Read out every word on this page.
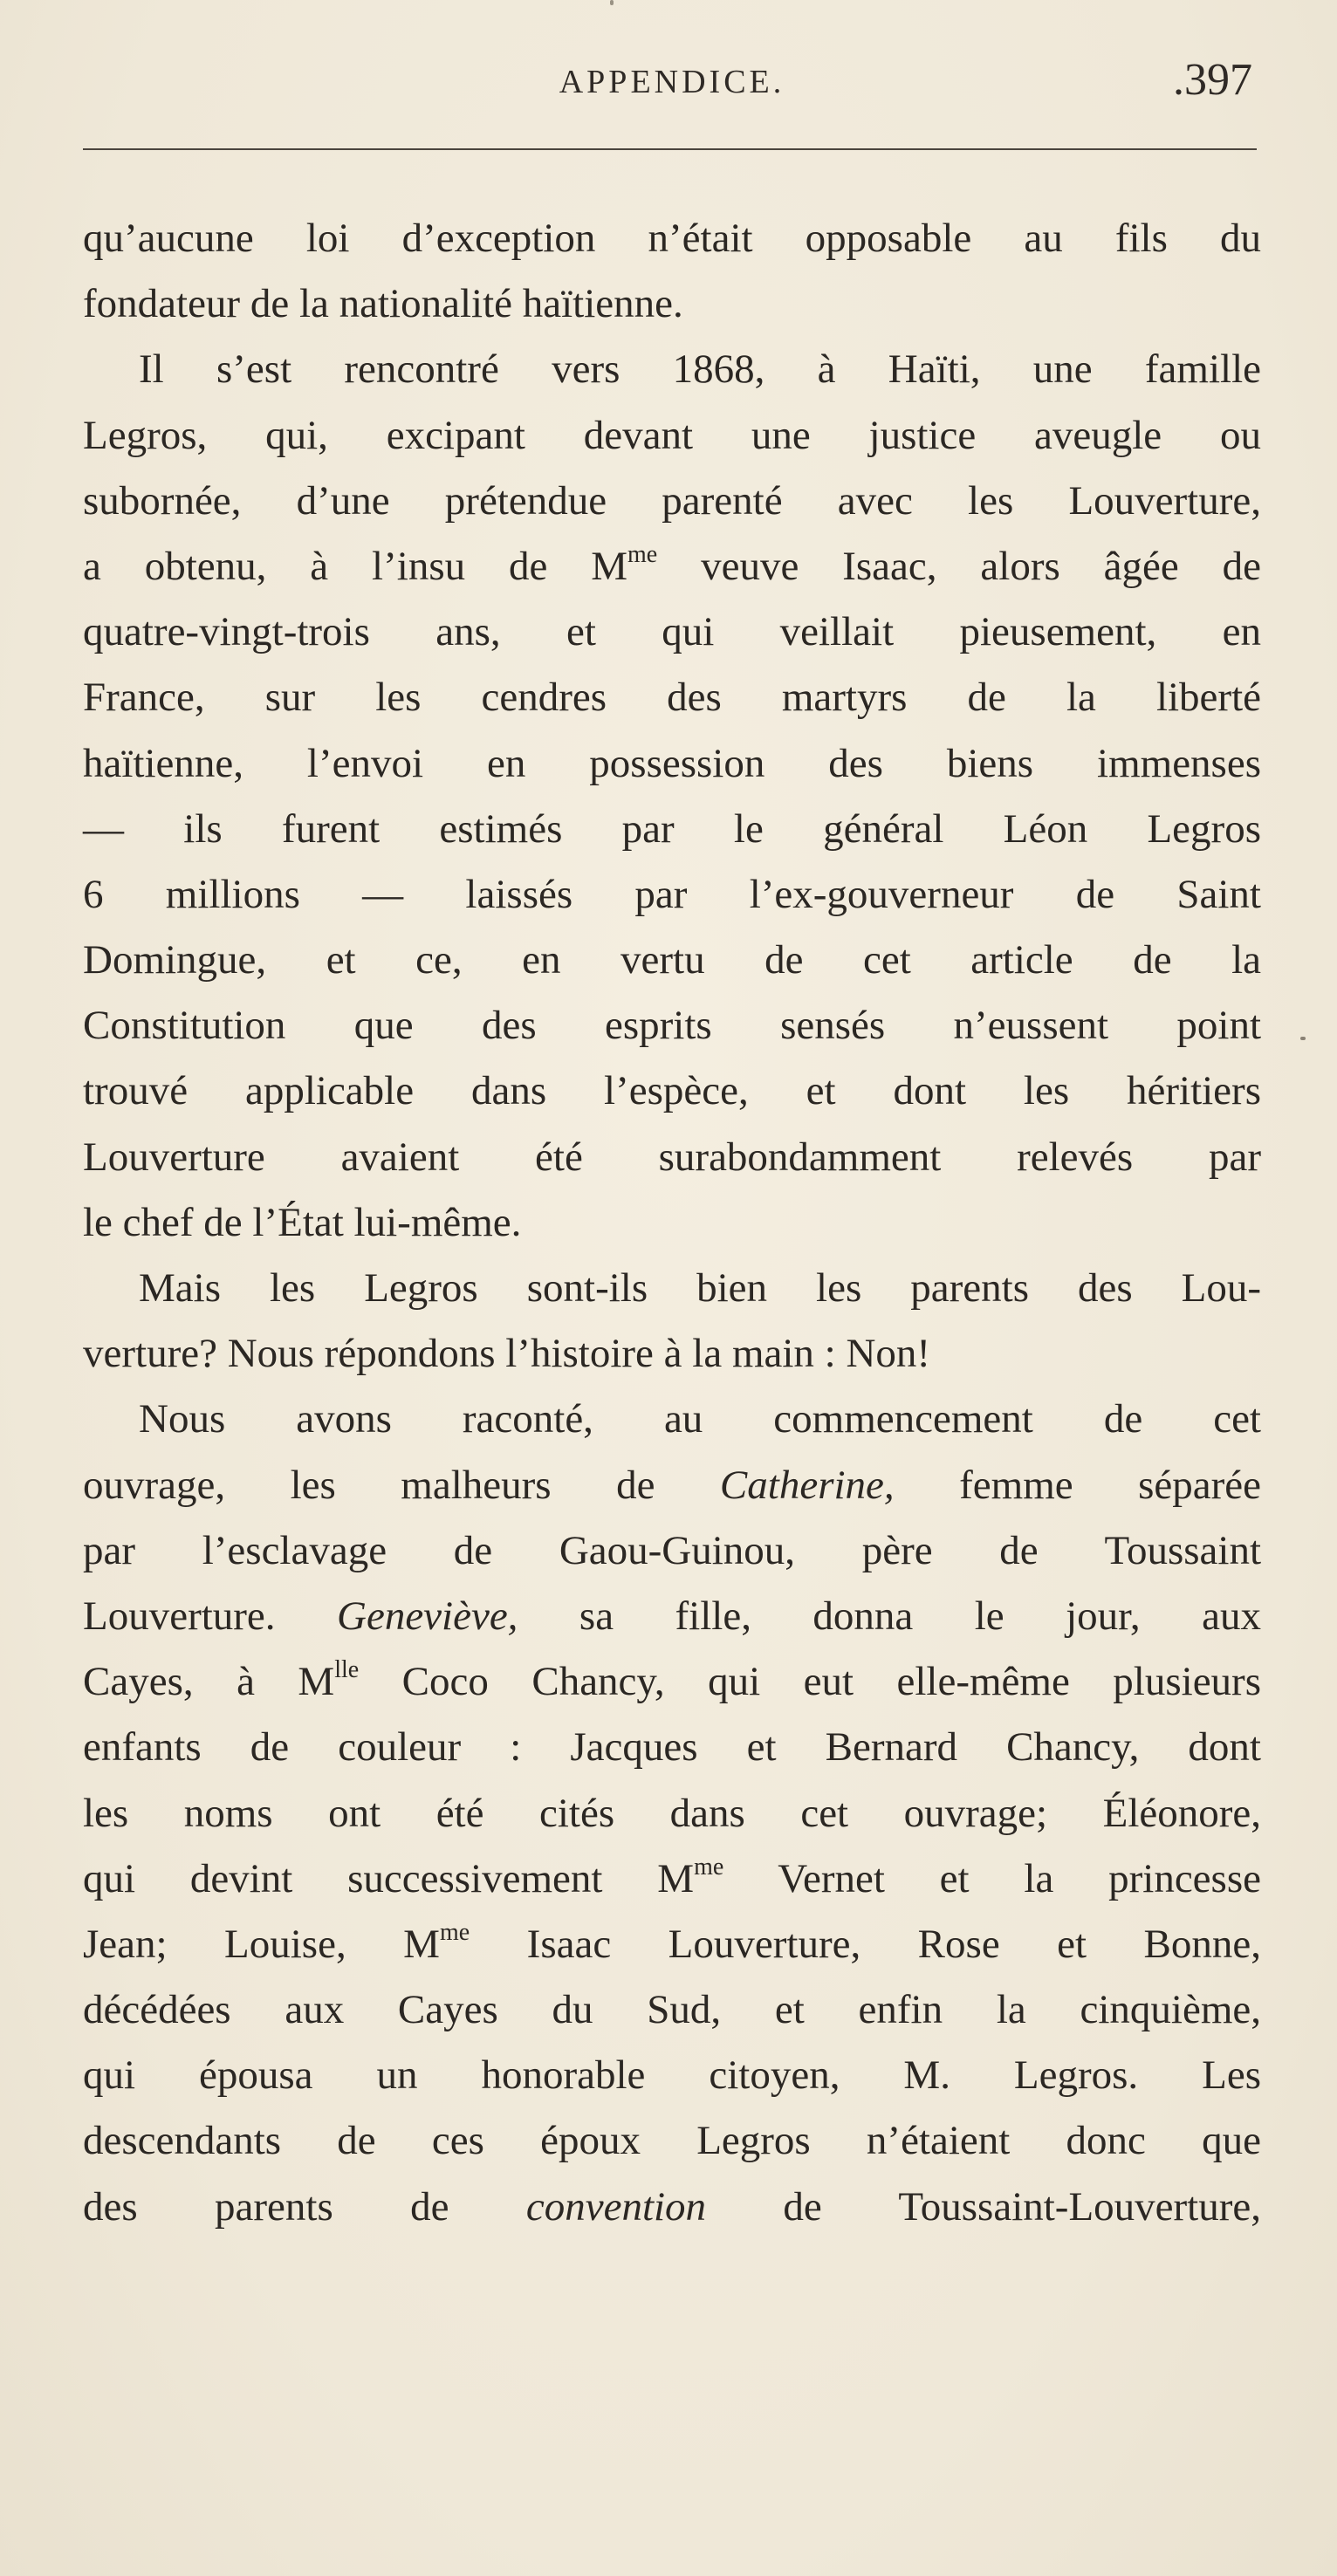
APPENDICE.	.397
qu’aucune loi d’exception n’était opposable au fils du
fondateur de la nationalité haïtienne.
Il s’est rencontré vers 1868, à Haïti, une famille
Legros, qui, excipant devant une justice aveugle ou
subornée, d’une prétendue parenté avec les Louverture,
a obtenu, à l’insu de $M^{me}$ veuve Isaac, alors âgée de
quatre-vingt-trois ans, et qui veillait pieusement, en
France, sur les cendres des martyrs de la liberté
haïtienne, l’envoi en possession des biens immenses
— ils furent estimés par le général Léon Legros
6 millions — laissés par l’ex-gouverneur de Saint
Domingue, et ce, en vertu de cet article de la
Constitution que des esprits sensés n’eussent point
trouvé applicable dans l’espèce, et dont les héritiers
Louverture avaient été surabondamment relevés par
le chef de l’État lui-même.
Mais les Legros sont-ils bien les parents des Lou-
verture? Nous répondons l’histoire à la main : Non!
Nous avons raconté, au commencement de cet
ouvrage, les malheurs de Catherine, femme séparée
par l’esclavage de Gaou-Guinou, père de Toussaint
Louverture. Geneviève, sa fille, donna le jour, aux
Cayes, à $M^{lle}$ Coco Chancy, qui eut elle-même plusieurs
enfants de couleur : Jacques et Bernard Chancy, dont
les noms ont été cités dans cet ouvrage; Éléonore,
qui devint successivement $M^{me}$ Vernet et la princesse
Jean; Louise, $M^{me}$ Isaac Louverture, Rose et Bonne,
décédées aux Cayes du Sud, et enfin la cinquième,
qui épousa un honorable citoyen, M. Legros. Les
descendants de ces époux Legros n’étaient donc que
des parents de convention de Toussaint-Louverture,
